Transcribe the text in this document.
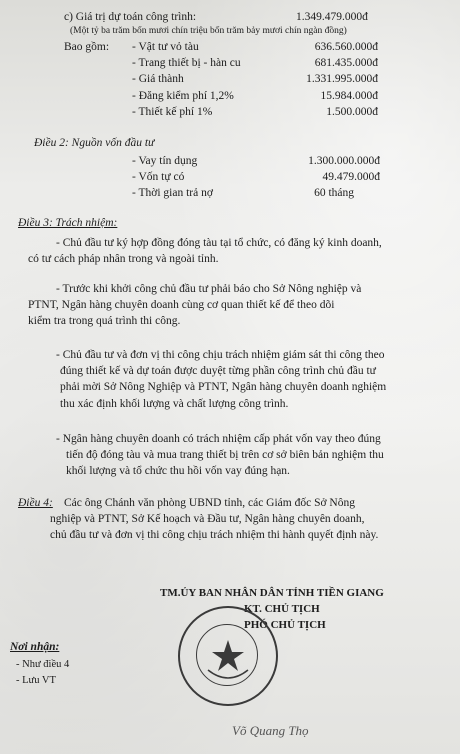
c) Giá trị dự toán công trình:	1.349.479.000đ
(Một tỷ ba trăm bốn mươi chín triệu bốn trăm bảy mươi chín ngàn đồng)
Bao gồm: - Vật tư vỏ tàu	636.560.000đ
- Trang thiết bị - hàn cu	681.435.000đ
- Giá thành	1.331.995.000đ
- Đăng kiểm phí 1,2%	15.984.000đ
- Thiết kế phí 1%	1.500.000đ
Điều 2: Nguồn vốn đầu tư
- Vay tín dụng	1.300.000.000đ
- Vốn tự có	49.479.000đ
- Thời gian trả nợ	60 tháng
Điều 3: Trách nhiệm:
- Chủ đầu tư ký hợp đồng đóng tàu tại tổ chức, có đăng ký kinh doanh,
có tư cách pháp nhân trong và ngoài tỉnh.
- Trước khi khởi công chủ đầu tư phải báo cho Sở Nông nghiệp và
PTNT, Ngân hàng chuyên doanh cùng cơ quan thiết kế để theo dõi
kiểm tra trong quá trình thi công.
- Chủ đầu tư và đơn vị thi công chịu trách nhiệm giám sát thi công theo
đúng thiết kế và dự toán được duyệt từng phần công trình chủ đầu tư
phải mời Sở Nông Nghiệp và PTNT, Ngân hàng chuyên doanh nghiệm
thu xác định khối lượng và chất lượng công trình.
- Ngân hàng chuyên doanh có trách nhiệm cấp phát vốn vay theo đúng
tiến độ đóng tàu và mua trang thiết bị trên cơ sở biên bản nghiệm thu
khối lượng và tổ chức thu hồi vốn vay đúng hạn.
Điều 4: Các ông Chánh văn phòng UBND tỉnh, các Giám đốc Sở Nông
nghiệp và PTNT, Sở Kế hoạch và Đầu tư, Ngân hàng chuyên doanh,
chủ đầu tư và đơn vị thi công chịu trách nhiệm thi hành quyết định này.
TM.ỦY BAN NHÂN DÂN TỈNH TIỀN GIANG
KT. CHỦ TỊCH
PHÓ CHỦ TỊCH
Võ Quang Thọ
Nơi nhận:
- Như điều 4
- Lưu VT
